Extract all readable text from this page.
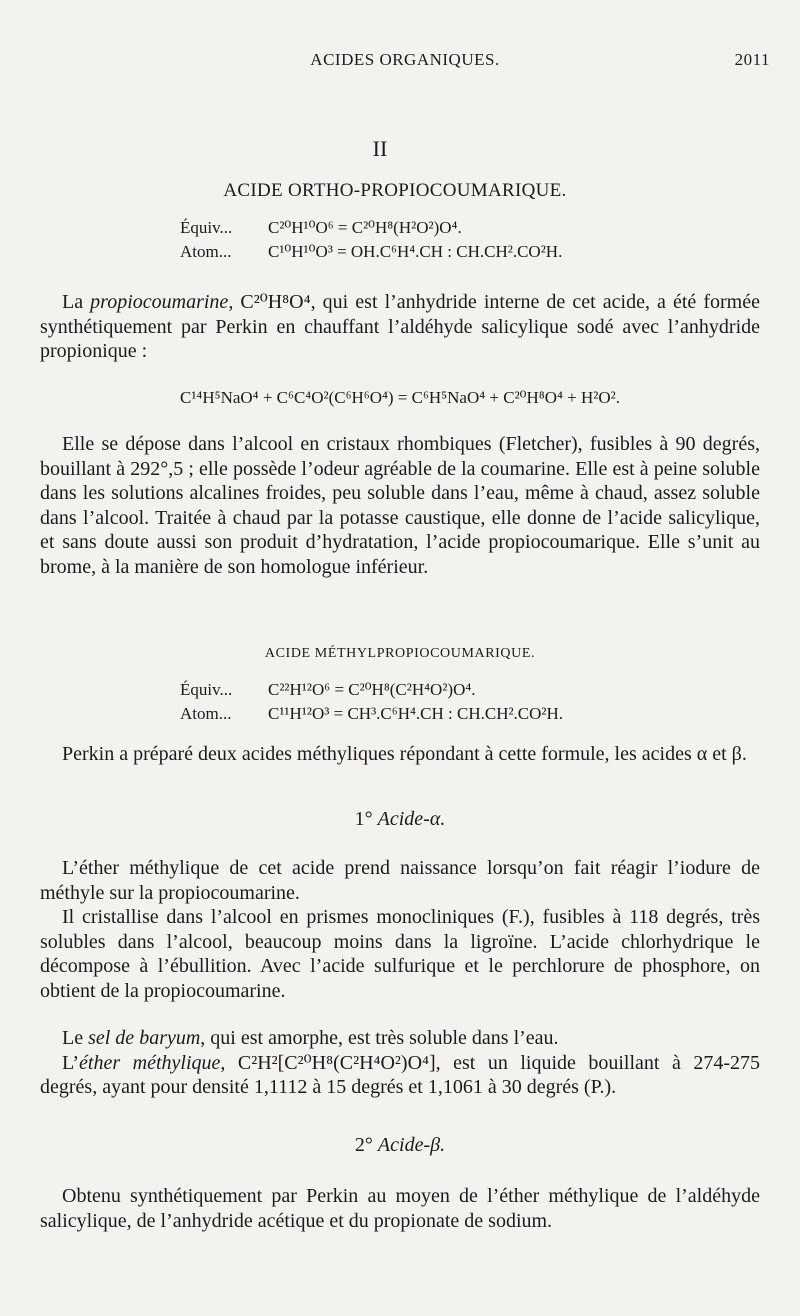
ACIDES ORGANIQUES.	2011
II
ACIDE ORTHO-PROPIOCOUMARIQUE.
Équiv... C²⁰H¹⁰O⁶ = C²⁰H⁸(H²O²)O⁴.
Atom... C¹⁰H¹⁰O³ = OH.C⁶H⁴.CH : CH.CH².CO²H.

La propiocoumarine, C²⁰H⁸O⁴, qui est l’anhydride interne de cet acide, a été formée synthétiquement par Perkin en chauffant l’aldéhyde salicylique sodé avec l’anhydride propionique :

C¹⁴H⁵NaO⁴ + C⁶C⁴O²(C⁶H⁶O⁴) = C⁶H⁵NaO⁴ + C²⁰H⁸O⁴ + H²O².

Elle se dépose dans l’alcool en cristaux rhombiques (Fletcher), fusibles à 90 degrés, bouillant à 292°,5 ; elle possède l’odeur agréable de la coumarine. Elle est à peine soluble dans les solutions alcalines froides, peu soluble dans l’eau, même à chaud, assez soluble dans l’alcool. Traitée à chaud par la potasse caustique, elle donne de l’acide salicylique, et sans doute aussi son produit d’hydratation, l’acide propiocoumarique. Elle s’unit au brome, à la manière de son homologue inférieur.

ACIDE MÉTHYLPROPIOCOUMARIQUE.
Équiv... C²²H¹²O⁶ = C²⁰H⁸(C²H⁴O²)O⁴.
Atom... C¹¹H¹²O³ = CH³.C⁶H⁴.CH : CH.CH².CO²H.

Perkin a préparé deux acides méthyliques répondant à cette formule, les acides α et β.

1° Acide-α.

L’éther méthylique de cet acide prend naissance lorsqu’on fait réagir l’iodure de méthyle sur la propiocoumarine.

Il cristallise dans l’alcool en prismes monocliniques (F.), fusibles à 118 degrés, très solubles dans l’alcool, beaucoup moins dans la ligroïne. L’acide chlorhydrique le décompose à l’ébullition. Avec l’acide sulfurique et le perchlorure de phosphore, on obtient de la propiocoumarine.

Le sel de baryum, qui est amorphe, est très soluble dans l’eau.

L’éther méthylique, C²H²[C²⁰H⁸(C²H⁴O²)O⁴], est un liquide bouillant à 274-275 degrés, ayant pour densité 1,1112 à 15 degrés et 1,1061 à 30 degrés (P.).

2° Acide-β.

Obtenu synthétiquement par Perkin au moyen de l’éther méthylique de l’aldéhyde salicylique, de l’anhydride acétique et du propionate de sodium.
